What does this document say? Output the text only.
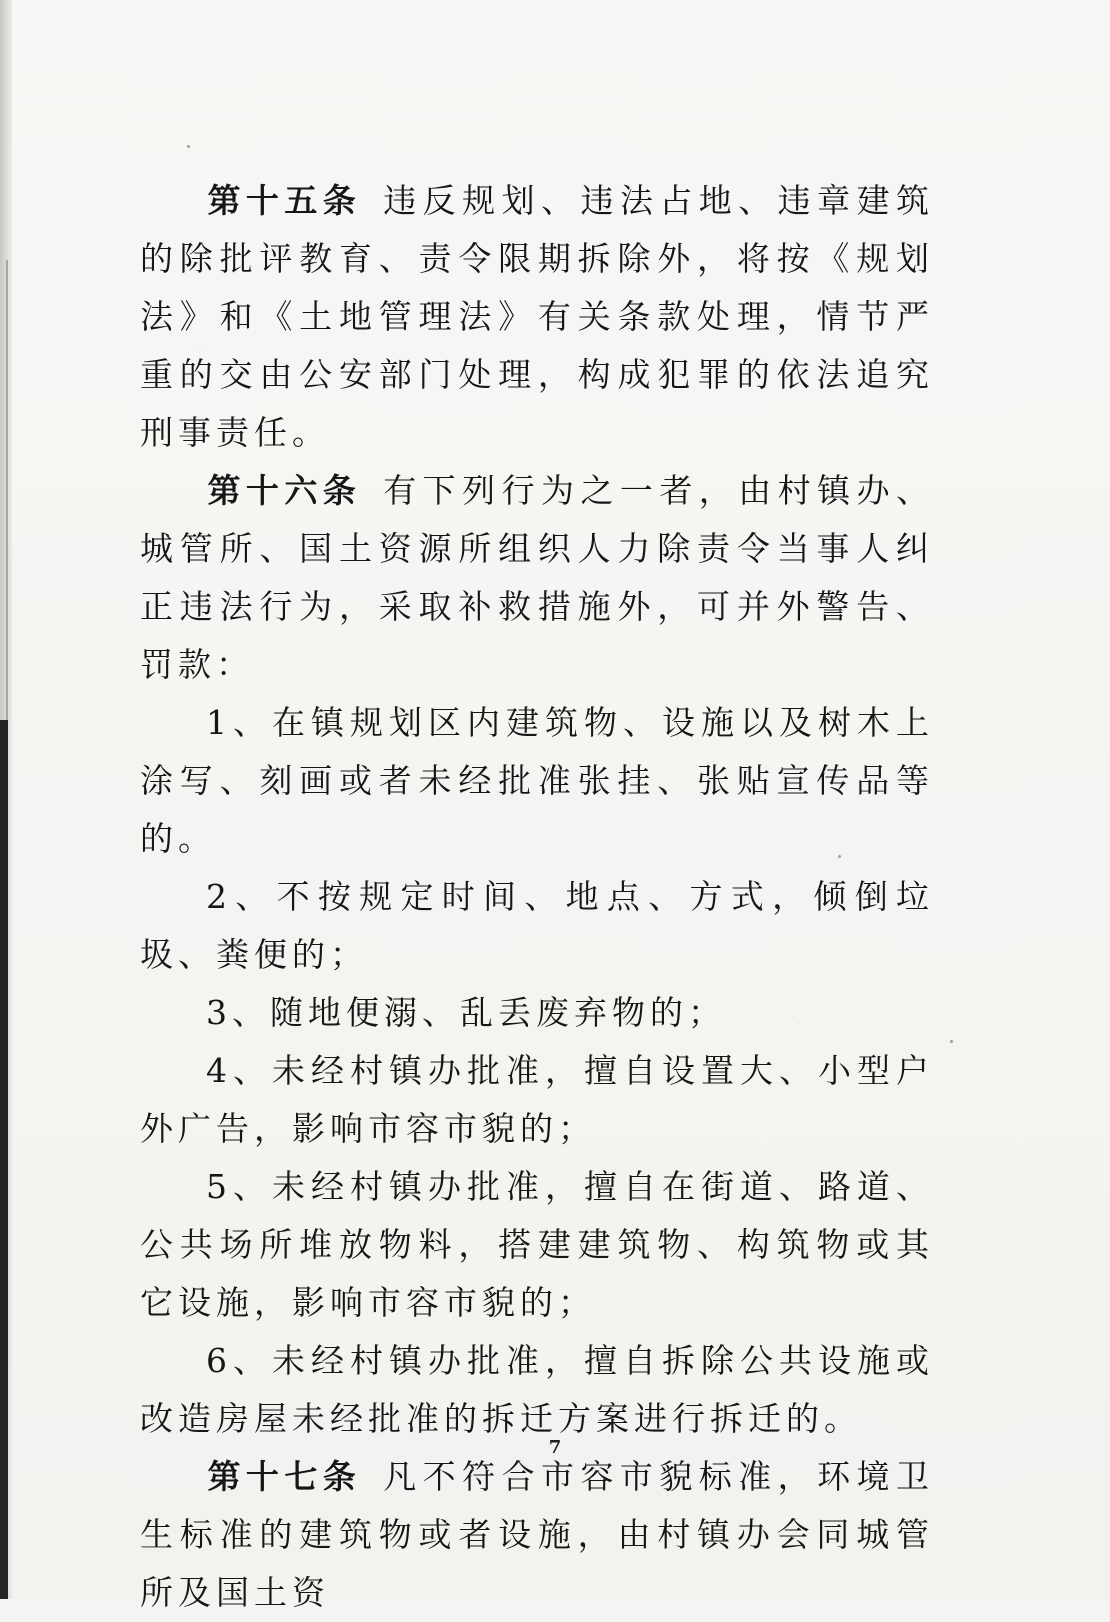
第十五条 违反规划、违法占地、违章建筑的除批评教育、责令限期拆除外，将按《规划法》和《土地管理法》有关条款处理，情节严重的交由公安部门处理，构成犯罪的依法追究刑事责任。

第十六条 有下列行为之一者，由村镇办、城管所、国土资源所组织人力除责令当事人纠正违法行为，采取补救措施外，可并外警告、罚款：

1、在镇规划区内建筑物、设施以及树木上涂写、刻画或者未经批准张挂、张贴宣传品等的。

2、不按规定时间、地点、方式，倾倒垃圾、粪便的；

3、随地便溺、乱丢废弃物的；

4、未经村镇办批准，擅自设置大、小型户外广告，影响市容市貌的；

5、未经村镇办批准，擅自在街道、路道、公共场所堆放物料，搭建建筑物、构筑物或其它设施，影响市容市貌的；

6、未经村镇办批准，擅自拆除公共设施或改造房屋未经批准的拆迁方案进行拆迁的。

第十七条 凡不符合市容市貌标准，环境卫生标准的建筑物或者设施，由村镇办会同城管所及国土资

7
